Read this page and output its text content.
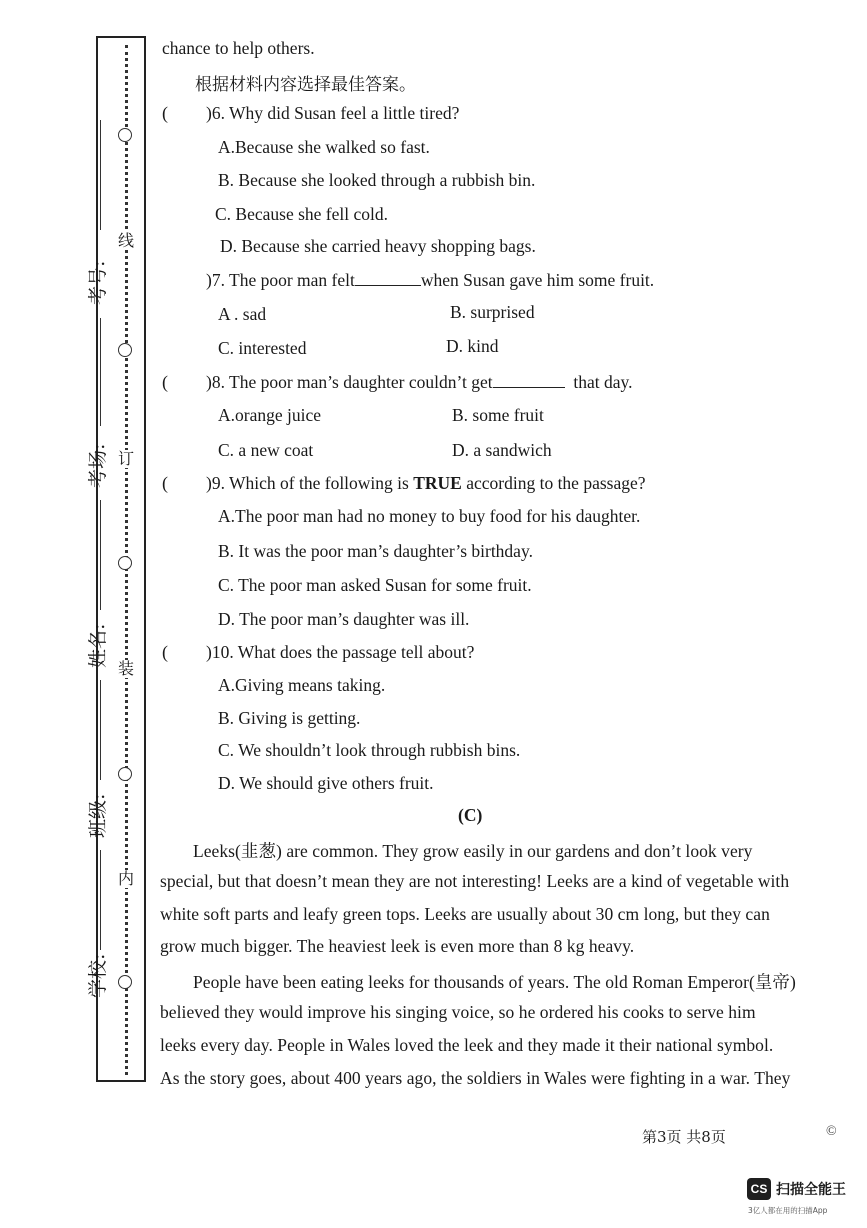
线
订
装
内
考号:
考场:
姓名:
班级:
学校:
chance to help others.
根据材料内容选择最佳答案。
( )6. Why did Susan feel a little tired?
A.Because she walked so fast.
B. Because she looked through a rubbish bin.
C. Because she fell cold.
D. Because she carried heavy shopping bags.
)7. The poor man felt	when Susan gave him some fruit.
A . sad	B. surprised
C. interested	D. kind
( )8. The poor man’s daughter couldn’t get	that day.
A.orange juice	B. some fruit
C. a new coat	D. a sandwich
( )9. Which of the following is TRUE according to the passage?
A.The poor man had no money to buy food for his daughter.
B. It was the poor man’s daughter’s birthday.
C. The poor man asked Susan for some fruit.
D. The poor man’s daughter was ill.
( )10. What does the passage tell about?
A.Giving means taking.
B. Giving is getting.
C. We shouldn’t look through rubbish bins.
D. We should give others fruit.
(C)
Leeks(韭葱) are common. They grow easily in our gardens and don’t look very
special, but that doesn’t mean they are not interesting! Leeks are a kind of vegetable with
white soft parts and leafy green tops. Leeks are usually about 30 cm long, but they can
grow much bigger. The heaviest leek is even more than 8 kg heavy.
People have been eating leeks for thousands of years. The old Roman Emperor(皇帝)
believed they would improve his singing voice, so he ordered his cooks to serve him
leeks every day. People in Wales loved the leek and they made it their national symbol.
As the story goes, about 400 years ago, the soldiers in Wales were fighting in a war. They
第3页 共8页	©
CS 扫描全能王
3亿人都在用的扫描App
